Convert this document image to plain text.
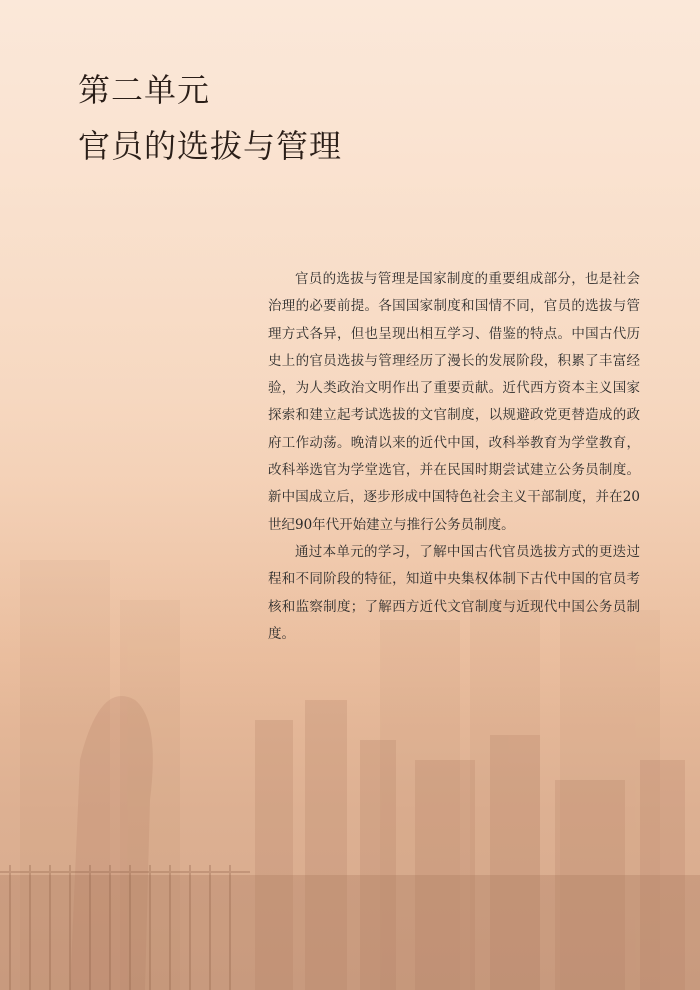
第二单元
官员的选拔与管理

官员的选拔与管理是国家制度的重要组成部分，也是社会治理的必要前提。各国国家制度和国情不同，官员的选拔与管理方式各异，但也呈现出相互学习、借鉴的特点。中国古代历史上的官员选拔与管理经历了漫长的发展阶段，积累了丰富经验，为人类政治文明作出了重要贡献。近代西方资本主义国家探索和建立起考试选拔的文官制度，以规避政党更替造成的政府工作动荡。晚清以来的近代中国，改科举教育为学堂教育，改科举选官为学堂选官，并在民国时期尝试建立公务员制度。新中国成立后，逐步形成中国特色社会主义干部制度，并在20世纪90年代开始建立与推行公务员制度。

通过本单元的学习，了解中国古代官员选拔方式的更迭过程和不同阶段的特征，知道中央集权体制下古代中国的官员考核和监察制度；了解西方近代文官制度与近现代中国公务员制度。
